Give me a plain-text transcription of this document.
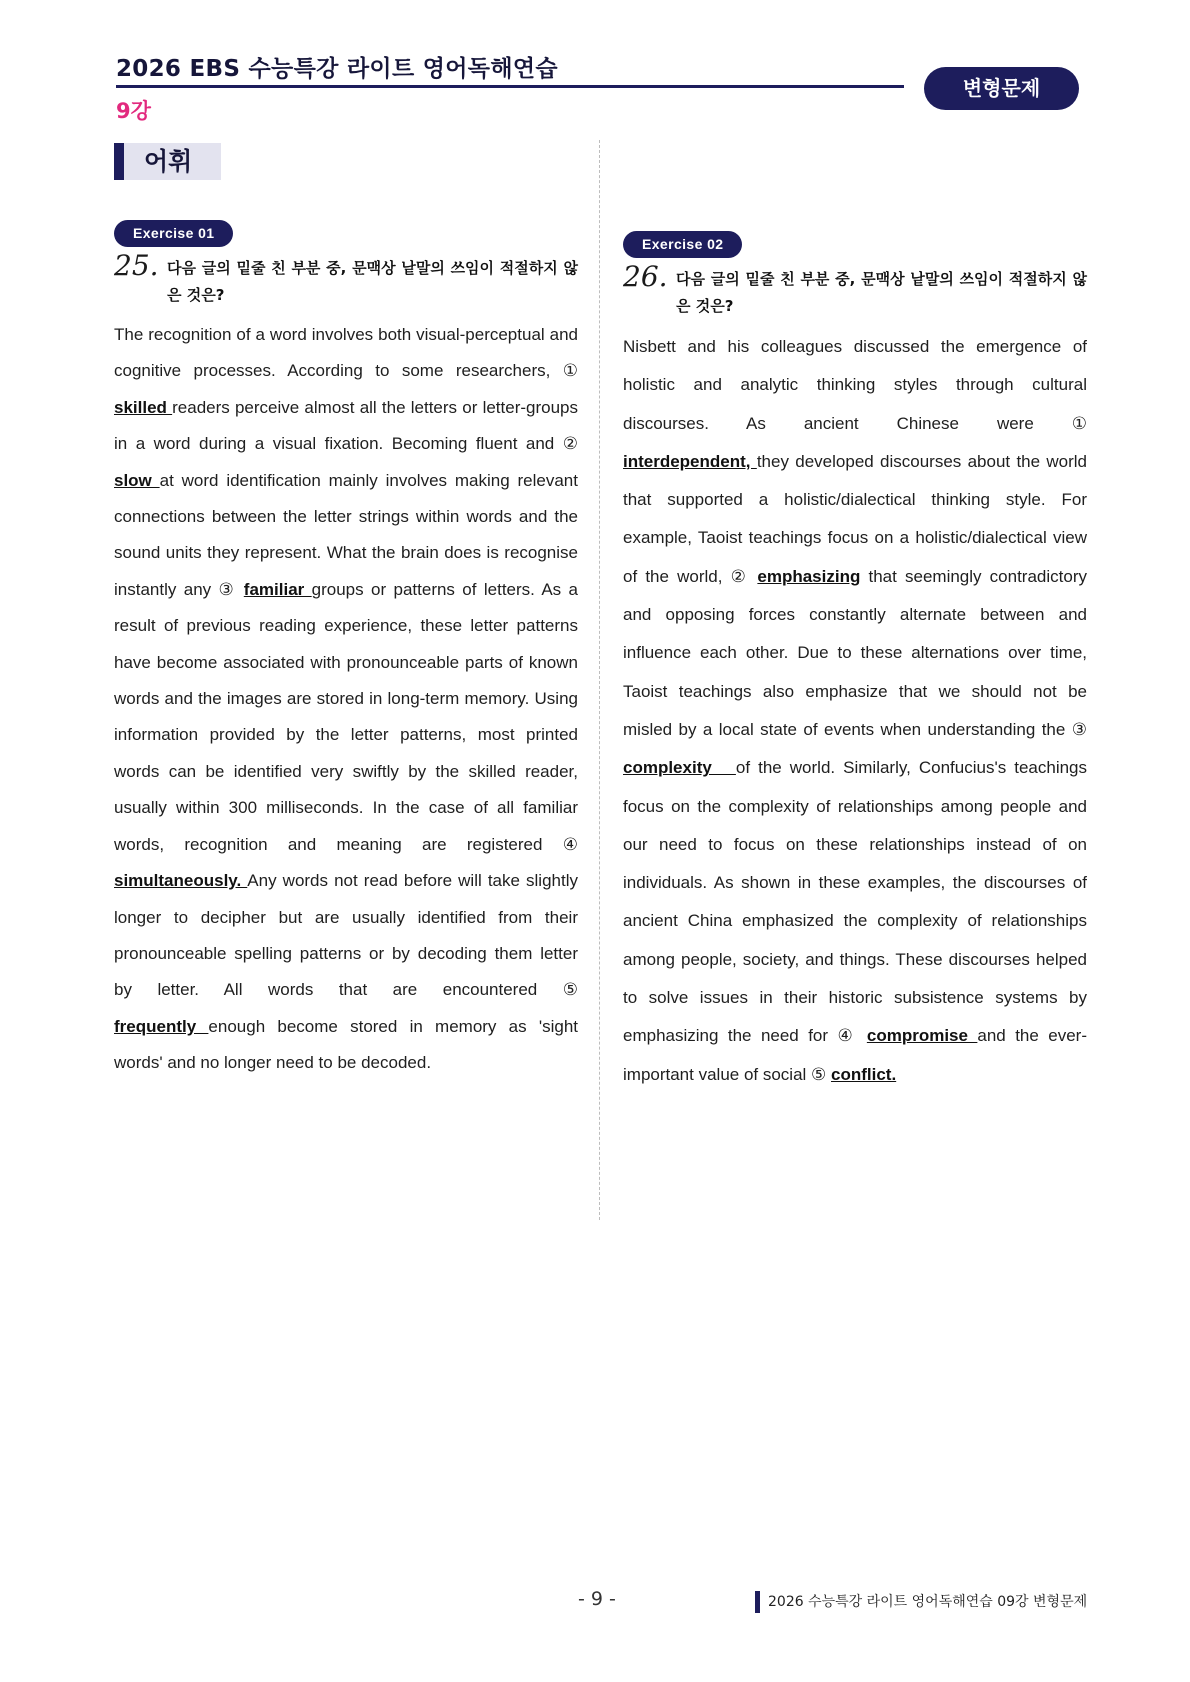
2026 EBS 수능특강 라이트 영어독해연습
9강
변형문제
어휘
Exercise 01
25. 다음 글의 밑줄 친 부분 중, 문맥상 낱말의 쓰임이 적절하지 않은 것은?

The recognition of a word involves both visual-perceptual and cognitive processes. According to some researchers, ① skilled readers perceive almost all the letters or letter-groups in a word during a visual fixation. Becoming fluent and ② slow at word identification mainly involves making relevant connections between the letter strings within words and the sound units they represent. What the brain does is recognise instantly any ③ familiar groups or patterns of letters. As a result of previous reading experience, these letter patterns have become associated with pronounceable parts of known words and the images are stored in long-term memory. Using information provided by the letter patterns, most printed words can be identified very swiftly by the skilled reader, usually within 300 milliseconds. In the case of all familiar words, recognition and meaning are registered ④ simultaneously. Any words not read before will take slightly longer to decipher but are usually identified from their pronounceable spelling patterns or by decoding them letter by letter. All words that are encountered ⑤ frequently enough become stored in memory as 'sight words' and no longer need to be decoded.

Exercise 02
26. 다음 글의 밑줄 친 부분 중, 문맥상 낱말의 쓰임이 적절하지 않은 것은?

Nisbett and his colleagues discussed the emergence of holistic and analytic thinking styles through cultural discourses. As ancient Chinese were ① interdependent, they developed discourses about the world that supported a holistic/dialectical thinking style. For example, Taoist teachings focus on a holistic/dialectical view of the world, ② emphasizing that seemingly contradictory and opposing forces constantly alternate between and influence each other. Due to these alternations over time, Taoist teachings also emphasize that we should not be misled by a local state of events when understanding the ③ complexity   of the world. Similarly, Confucius's teachings focus on the complexity of relationships among people and our need to focus on these relationships instead of on individuals. As shown in these examples, the discourses of ancient China emphasized the complexity of relationships among people, society, and things. These discourses helped to solve issues in their historic subsistence systems by emphasizing the need for ④ compromise and the ever-important value of social ⑤ conflict.

- 9 -	2026 수능특강 라이트 영어독해연습 09강 변형문제
